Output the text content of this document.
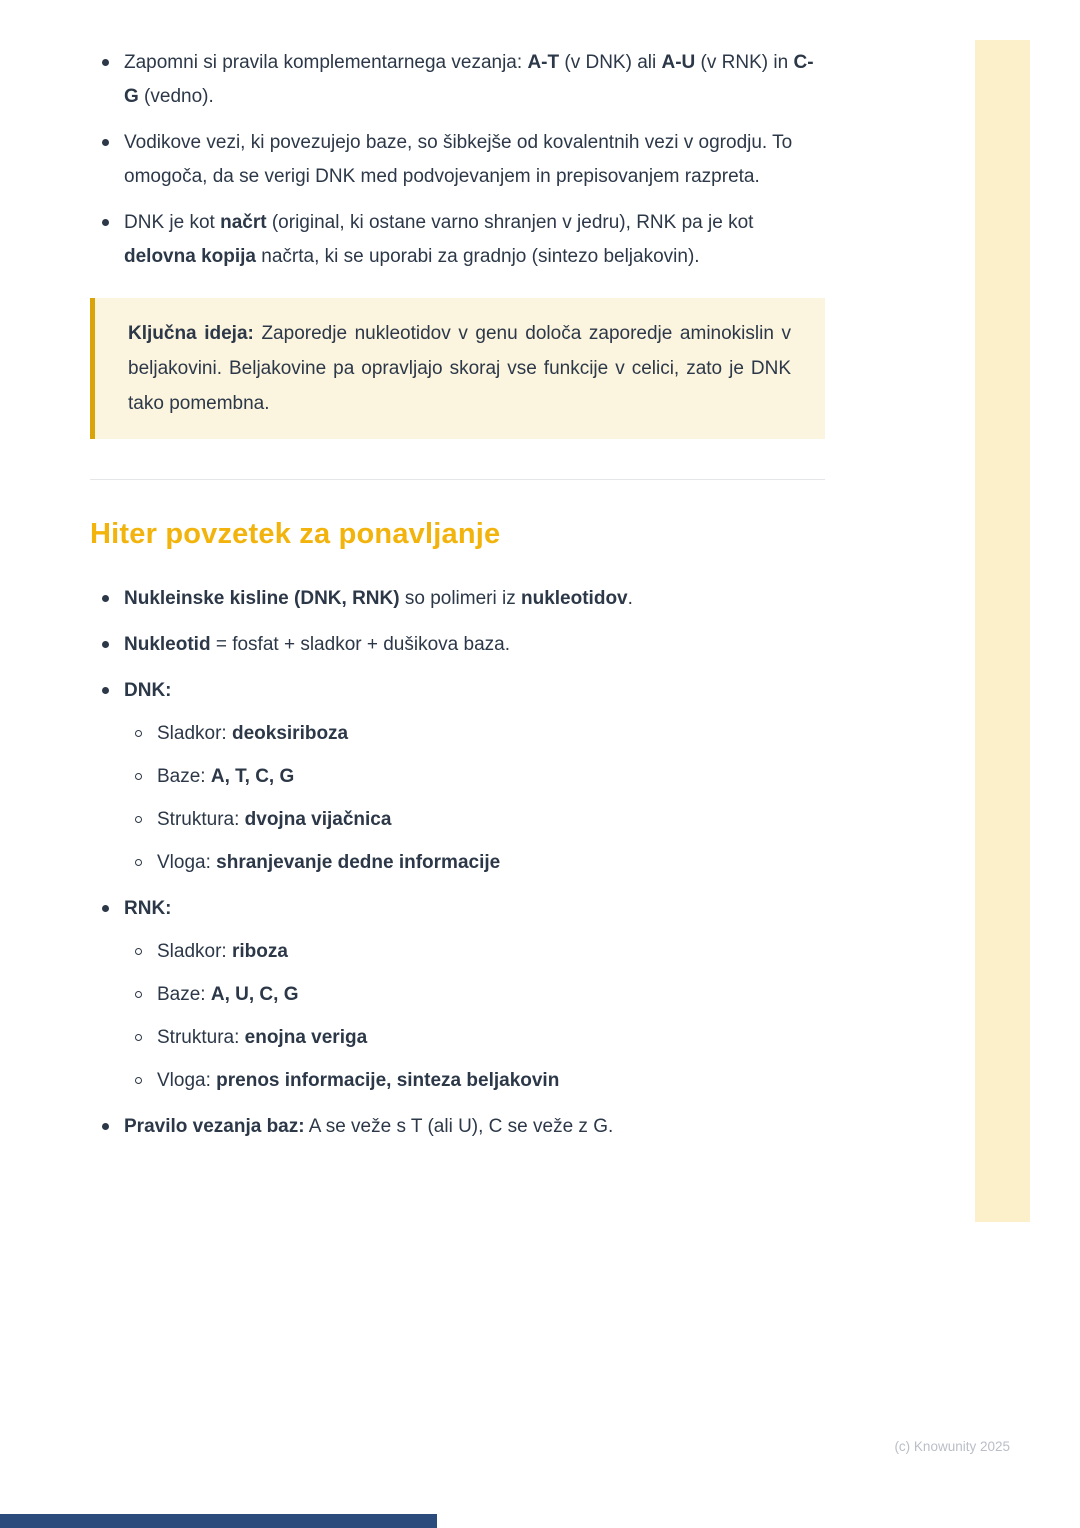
Zapomni si pravila komplementarnega vezanja: A-T (v DNK) ali A-U (v RNK) in C-G (vedno).

Vodikove vezi, ki povezujejo baze, so šibkejše od kovalentnih vezi v ogrodju. To omogoča, da se verigi DNK med podvojevanjem in prepisovanjem razpreta.

DNK je kot načrt (original, ki ostane varno shranjen v jedru), RNK pa je kot delovna kopija načrta, ki se uporabi za gradnjo (sintezo beljakovin).

Ključna ideja: Zaporedje nukleotidov v genu določa zaporedje aminokislin v beljakovini. Beljakovine pa opravljajo skoraj vse funkcije v celici, zato je DNK tako pomembna.

Hiter povzetek za ponavljanje

Nukleinske kisline (DNK, RNK) so polimeri iz nukleotidov.

Nukleotid = fosfat + sladkor + dušikova baza.

DNK:

Sladkor: deoksiriboza

Baze: A, T, C, G

Struktura: dvojna vijačnica

Vloga: shranjevanje dedne informacije

RNK:

Sladkor: riboza

Baze: A, U, C, G

Struktura: enojna veriga

Vloga: prenos informacije, sinteza beljakovin

Pravilo vezanja baz: A se veže s T (ali U), C se veže z G.

(c) Knowunity 2025
